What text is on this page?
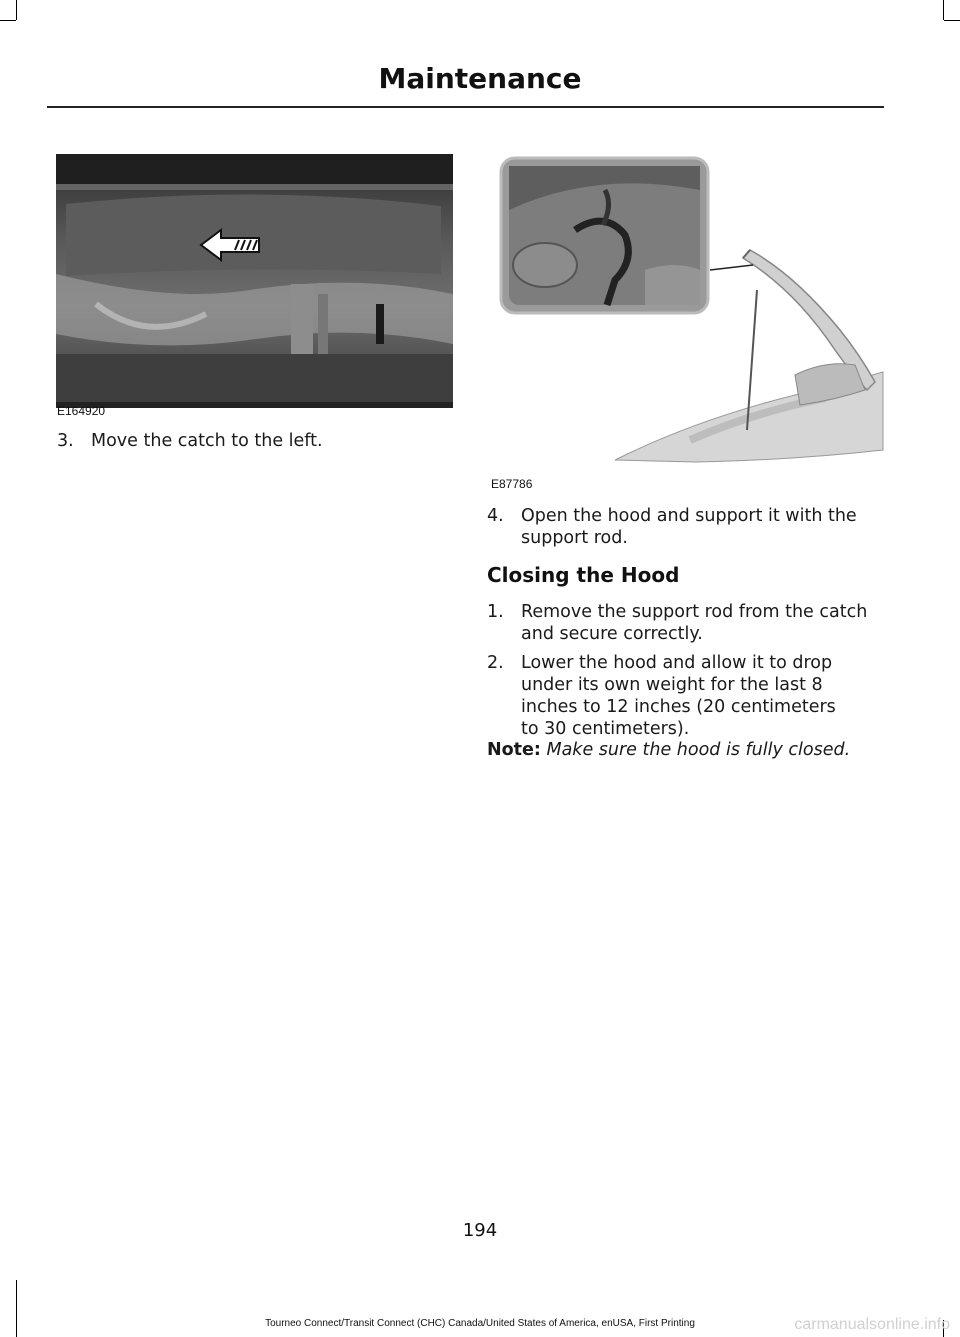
Maintenance
E164920
E87786
3. Move the catch to the left.
4. Open the hood and support it with the
support rod.
Closing the Hood
1. Remove the support rod from the catch
and secure correctly.
2. Lower the hood and allow it to drop
under its own weight for the last 8
inches to 12 inches (20 centimeters
to 30 centimeters).
Note: Make sure the hood is fully closed.
194
Tourneo Connect/Transit Connect (CHC) Canada/United States of America, enUSA, First Printing	carmanualsonline.info
